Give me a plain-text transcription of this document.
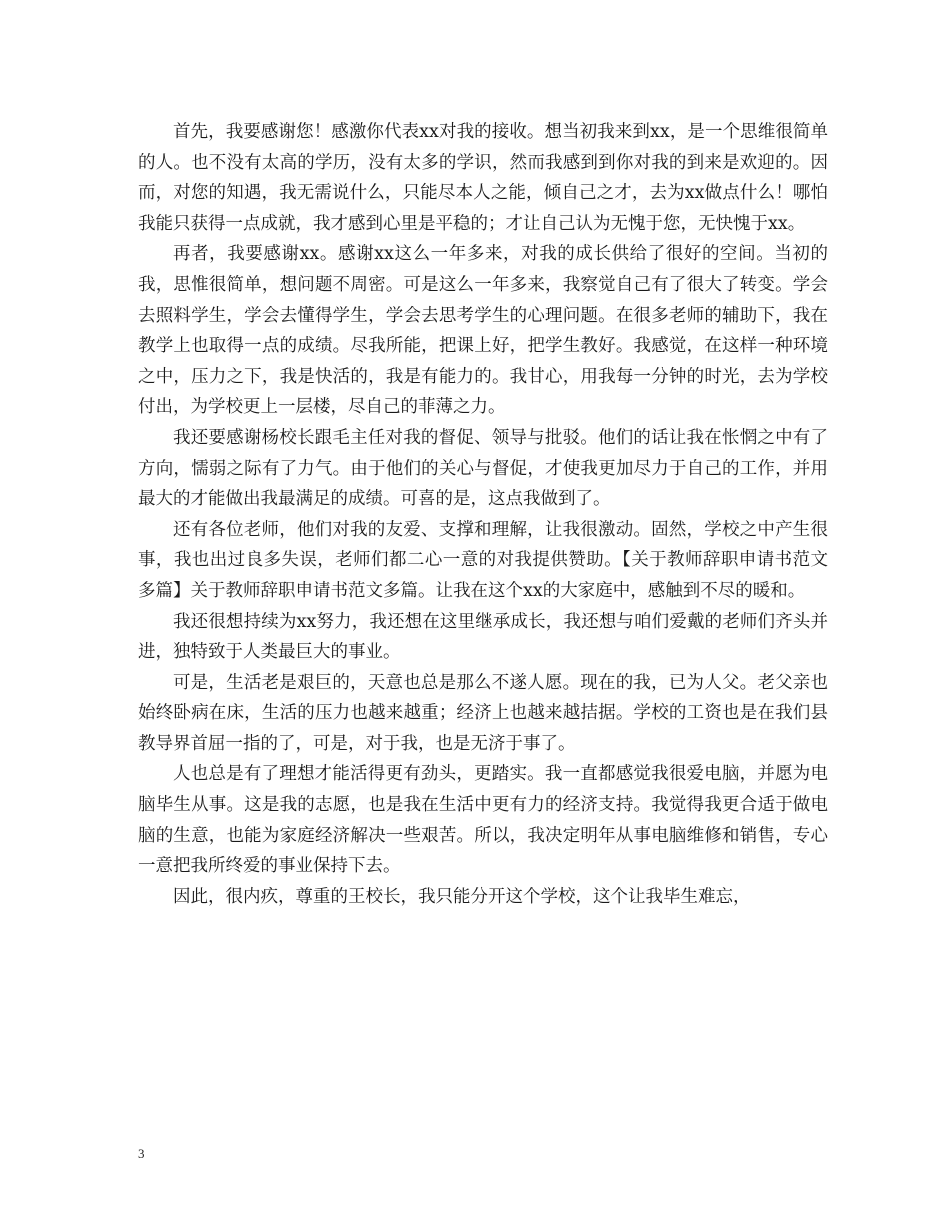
首先，我要感谢您！感激你代表xx对我的接收。想当初我来到xx，是一个思维很简单的人。也不没有太高的学历，没有太多的学识，然而我感到到你对我的到来是欢迎的。因而，对您的知遇，我无需说什么，只能尽本人之能，倾自己之才，去为xx做点什么！哪怕我能只获得一点成就，我才感到心里是平稳的；才让自己认为无愧于您，无快愧于xx。

再者，我要感谢xx。感谢xx这么一年多来，对我的成长供给了很好的空间。当初的我，思惟很简单，想问题不周密。可是这么一年多来，我察觉自己有了很大了转变。学会去照料学生，学会去懂得学生，学会去思考学生的心理问题。在很多老师的辅助下，我在教学上也取得一点的成绩。尽我所能，把课上好，把学生教好。我感觉，在这样一种环境之中，压力之下，我是快活的，我是有能力的。我甘心，用我每一分钟的时光，去为学校付出，为学校更上一层楼，尽自己的菲薄之力。

我还要感谢杨校长跟毛主任对我的督促、领导与批驳。他们的话让我在怅惘之中有了方向，懦弱之际有了力气。由于他们的关心与督促，才使我更加尽力于自己的工作，并用最大的才能做出我最满足的成绩。可喜的是，这点我做到了。

还有各位老师，他们对我的友爱、支撑和理解，让我很激动。固然，学校之中产生很事，我也出过良多失误，老师们都二心一意的对我提供赞助。【关于教师辞职申请书范文多篇】关于教师辞职申请书范文多篇。让我在这个xx的大家庭中，感触到不尽的暖和。

我还很想持续为xx努力，我还想在这里继承成长，我还想与咱们爱戴的老师们齐头并进，独特致于人类最巨大的事业。

可是，生活老是艰巨的，天意也总是那么不遂人愿。现在的我，已为人父。老父亲也始终卧病在床，生活的压力也越来越重；经济上也越来越拮据。学校的工资也是在我们县教导界首屈一指的了，可是，对于我，也是无济于事了。

人也总是有了理想才能活得更有劲头，更踏实。我一直都感觉我很爱电脑，并愿为电脑毕生从事。这是我的志愿，也是我在生活中更有力的经济支持。我觉得我更合适于做电脑的生意，也能为家庭经济解决一些艰苦。所以，我决定明年从事电脑维修和销售，专心一意把我所终爱的事业保持下去。

因此，很内疚，尊重的王校长，我只能分开这个学校，这个让我毕生难忘，

3
